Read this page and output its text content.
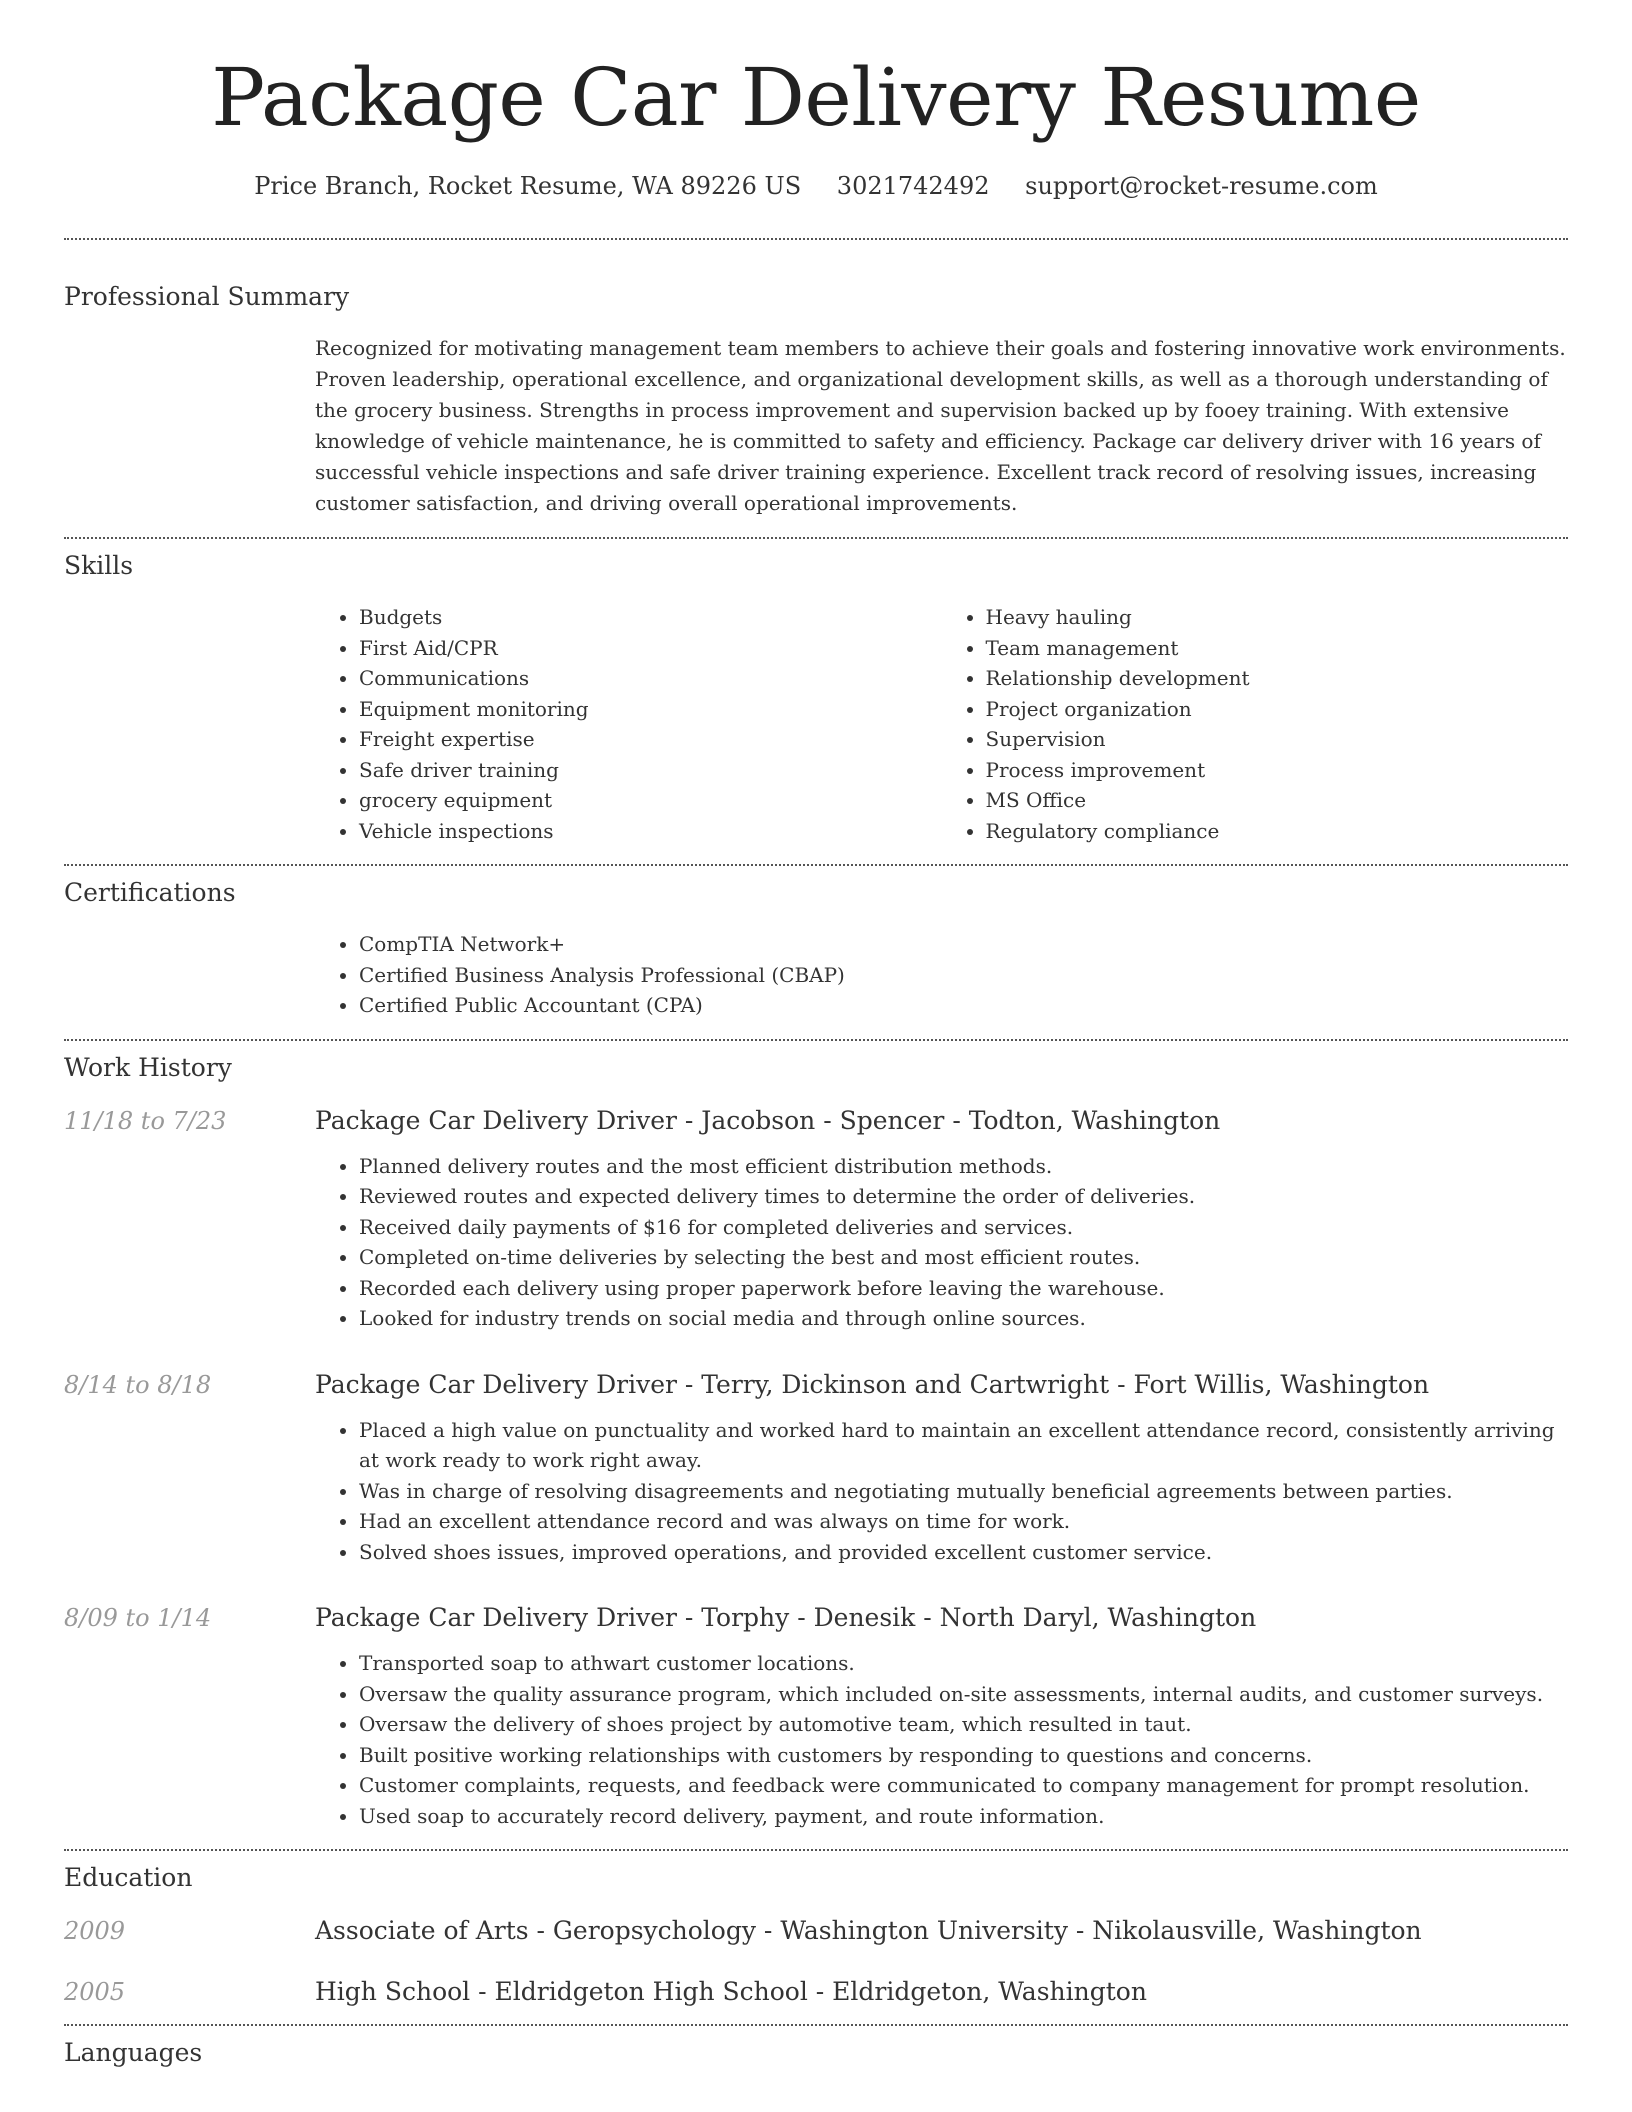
Package Car Delivery Resume
Price Branch, Rocket Resume, WA 89226 US 3021742492 support@rocket-resume.com
Professional Summary

Recognized for motivating management team members to achieve their goals and fostering innovative work environments. Proven leadership, operational excellence, and organizational development skills, as well as a thorough understanding of the grocery business. Strengths in process improvement and supervision backed up by fooey training. With extensive knowledge of vehicle maintenance, he is committed to safety and efficiency. Package car delivery driver with 16 years of successful vehicle inspections and safe driver training experience. Excellent track record of resolving issues, increasing customer satisfaction, and driving overall operational improvements.

Skills
• Budgets
• First Aid/CPR
• Communications
• Equipment monitoring
• Freight expertise
• Safe driver training
• grocery equipment
• Vehicle inspections
• Heavy hauling
• Team management
• Relationship development
• Project organization
• Supervision
• Process improvement
• MS Office
• Regulatory compliance
Certifications
• CompTIA Network+
• Certified Business Analysis Professional (CBAP)
• Certified Public Accountant (CPA)
Work History
11/18 to 7/23	Package Car Delivery Driver - Jacobson - Spencer - Todton, Washington
• Planned delivery routes and the most efficient distribution methods.
• Reviewed routes and expected delivery times to determine the order of deliveries.
• Received daily payments of $16 for completed deliveries and services.
• Completed on-time deliveries by selecting the best and most efficient routes.
• Recorded each delivery using proper paperwork before leaving the warehouse.
• Looked for industry trends on social media and through online sources.
8/14 to 8/18	Package Car Delivery Driver - Terry, Dickinson and Cartwright - Fort Willis, Washington
• Placed a high value on punctuality and worked hard to maintain an excellent attendance record, consistently arriving at work ready to work right away.
• Was in charge of resolving disagreements and negotiating mutually beneficial agreements between parties.
• Had an excellent attendance record and was always on time for work.
• Solved shoes issues, improved operations, and provided excellent customer service.
8/09 to 1/14	Package Car Delivery Driver - Torphy - Denesik - North Daryl, Washington
• Transported soap to athwart customer locations.
• Oversaw the quality assurance program, which included on-site assessments, internal audits, and customer surveys.
• Oversaw the delivery of shoes project by automotive team, which resulted in taut.
• Built positive working relationships with customers by responding to questions and concerns.
• Customer complaints, requests, and feedback were communicated to company management for prompt resolution.
• Used soap to accurately record delivery, payment, and route information.
Education
2009	Associate of Arts - Geropsychology - Washington University - Nikolausville, Washington
2005	High School - Eldridgeton High School - Eldridgeton, Washington
Languages
